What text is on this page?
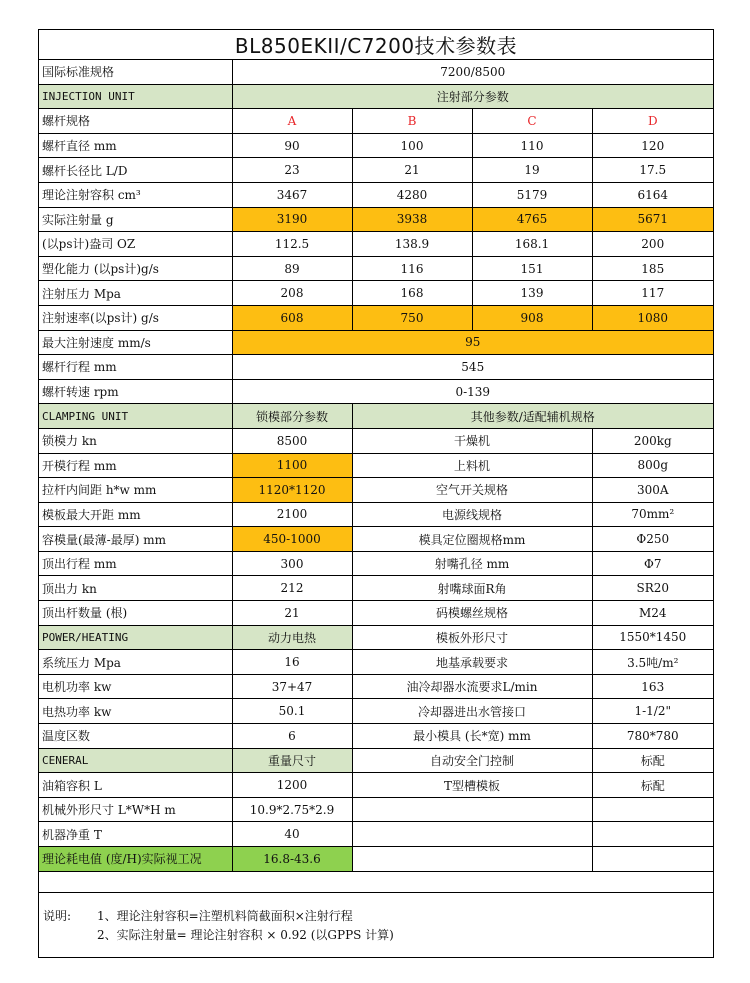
BL850EKII/C7200技术参数表				
国际标准规格	7200/8500			
INJECTION UNIT	注射部分参数			
螺杆规格	A	B	C	D
螺杆直径 mm	90	100	110	120
螺杆长径比 L/D	23	21	19	17.5
理论注射容积 cm³	3467	4280	5179	6164
实际注射量 g	3190	3938	4765	5671
(以ps计)盎司 OZ	112.5	138.9	168.1	200
塑化能力 (以ps计)g/s	89	116	151	185
注射压力 Mpa	208	168	139	117
注射速率(以ps计) g/s	608	750	908	1080
最大注射速度 mm/s	95			
螺杆行程 mm	545			
螺杆转速 rpm	0-139			
CLAMPING UNIT	锁模部分参数	其他参数/适配辅机规格		
锁模力 kn	8500	干燥机		200kg
开模行程 mm	1100	上料机		800g
拉杆内间距 h*w mm	1120*1120	空气开关规格		300A
模板最大开距 mm	2100	电源线规格		70mm²
容模量(最薄-最厚) mm	450-1000	模具定位圈规格mm		Φ250
顶出行程 mm	300	射嘴孔径 mm		Φ7
顶出力 kn	212	射嘴球面R角		SR20
顶出杆数量 (根)	21	码模螺丝规格		M24
POWER/HEATING	动力电热	模板外形尺寸		1550*1450
系统压力 Mpa	16	地基承载要求		3.5吨/m²
电机功率 kw	37+47	油冷却器水流要求L/min		163
电热功率 kw	50.1	冷却器进出水管接口		1-1/2"
温度区数	6	最小模具 (长*宽) mm		780*780
CENERAL	重量尺寸	自动安全门控制		标配
油箱容积 L	1200	T型槽模板		标配
机械外形尺寸 L*W*H m	10.9*2.75*2.9			
机器净重 T	40			
理论耗电值 (度/H)实际视工况	16.8-43.6			
说明: 1、理论注射容积=注塑机料筒截面积×注射行程
2、实际注射量= 理论注射容积 × 0.92 (以GPPS 计算)
